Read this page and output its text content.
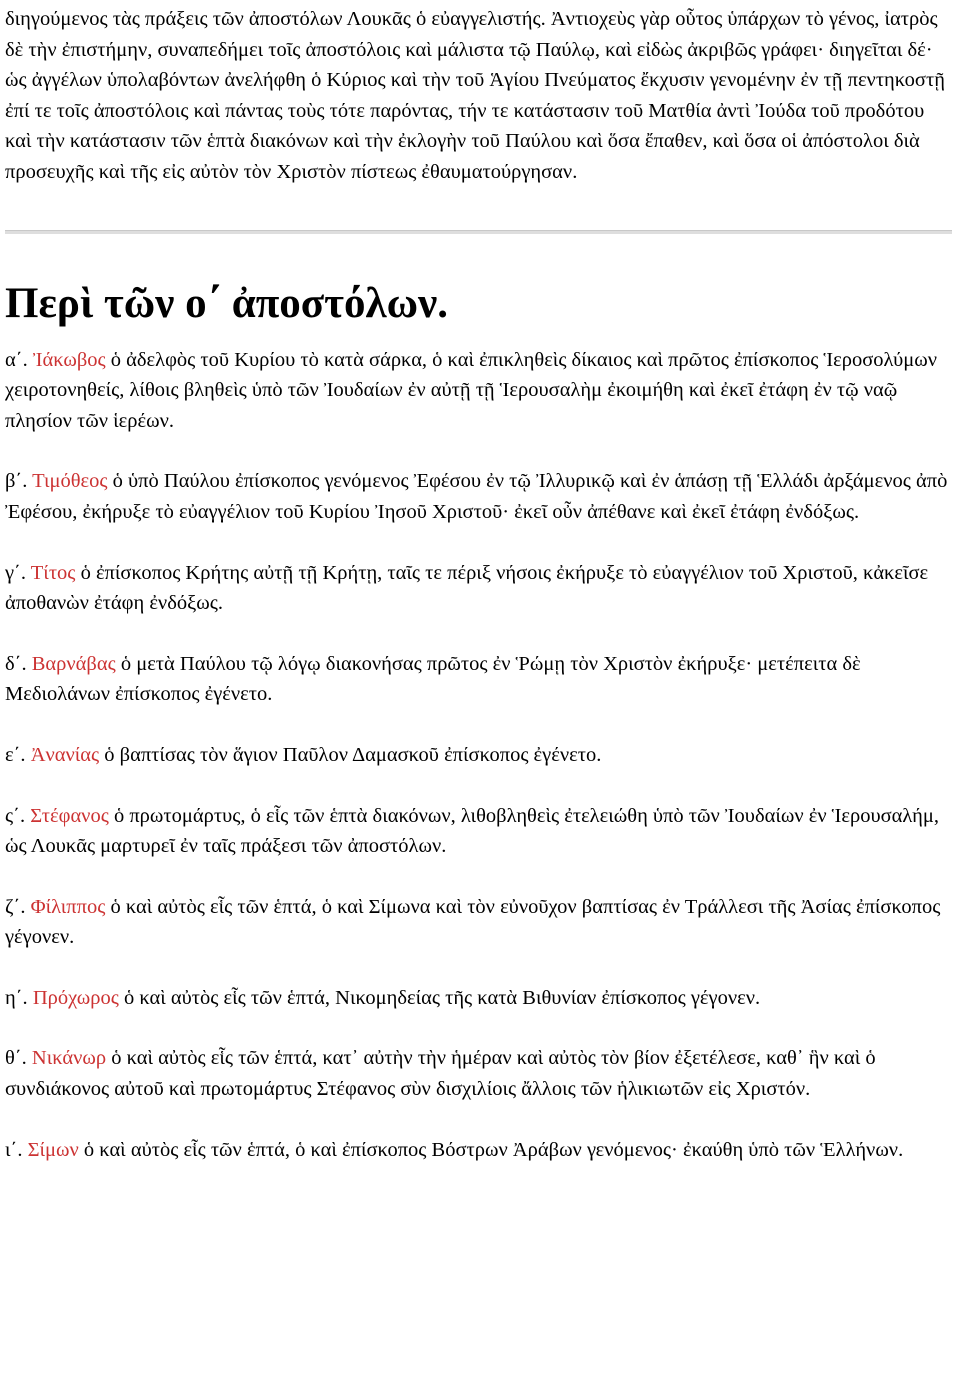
διηγούμενος τὰς πράξεις τῶν ἀποστόλων Λουκᾶς ὁ εὐαγγελιστής. Ἀντιοχεὺς γὰρ οὗτος ὑπάρχων τὸ γένος, ἰατρὸς δὲ τὴν ἐπιστήμην, συναπεδήμει τοῖς ἀποστόλοις καὶ μάλιστα τῷ Παύλῳ, καὶ εἰδὼς ἀκριβῶς γράφει· διηγεῖται δέ· ὡς ἀγγέλων ὑπολαβόντων ἀνελήφθη ὁ Κύριος καὶ τὴν τοῦ Ἁγίου Πνεύματος ἔκχυσιν γενομένην ἐν τῇ πεντηκοστῇ ἐπί τε τοῖς ἀποστόλοις καὶ πάντας τοὺς τότε παρόντας, τήν τε κατάστασιν τοῦ Ματθία ἀντὶ Ἰούδα τοῦ προδότου καὶ τὴν κατάστασιν τῶν ἑπτὰ διακόνων καὶ τὴν ἐκλογὴν τοῦ Παύλου καὶ ὅσα ἔπαθεν, καὶ ὅσα οἱ ἀπόστολοι διὰ προσευχῆς καὶ τῆς εἰς αὐτὸν τὸν Χριστὸν πίστεως ἐθαυματούργησαν.

Περὶ τῶν ο΄ ἀποστόλων.

α΄. Ἰάκωβος ὁ ἀδελφὸς τοῦ Κυρίου τὸ κατὰ σάρκα, ὁ καὶ ἐπικληθεὶς δίκαιος καὶ πρῶτος ἐπίσκοπος Ἱεροσολύμων χειροτονηθείς, λίθοις βληθεὶς ὑπὸ τῶν Ἰουδαίων ἐν αὐτῇ τῇ Ἱερουσαλὴμ ἐκοιμήθη καὶ ἐκεῖ ἐτάφη ἐν τῷ ναῷ πλησίον τῶν ἱερέων.

β΄. Τιμόθεος ὁ ὑπὸ Παύλου ἐπίσκοπος γενόμενος Ἐφέσου ἐν τῷ Ἰλλυρικῷ καὶ ἐν ἁπάσῃ τῇ Ἑλλάδι ἀρξάμενος ἀπὸ Ἐφέσου, ἐκήρυξε τὸ εὐαγγέλιον τοῦ Κυρίου Ἰησοῦ Χριστοῦ· ἐκεῖ οὖν ἀπέθανε καὶ ἐκεῖ ἐτάφη ἐνδόξως.

γ΄. Τίτος ὁ ἐπίσκοπος Κρήτης αὐτῇ τῇ Κρήτῃ, ταῖς τε πέριξ νήσοις ἐκήρυξε τὸ εὐαγγέλιον τοῦ Χριστοῦ, κἀκεῖσε ἀποθανὼν ἐτάφη ἐνδόξως.

δ΄. Βαρνάβας ὁ μετὰ Παύλου τῷ λόγῳ διακονήσας πρῶτος ἐν Ῥώμῃ τὸν Χριστὸν ἐκήρυξε· μετέπειτα δὲ Μεδιολάνων ἐπίσκοπος ἐγένετο.

ε΄. Ἀνανίας ὁ βαπτίσας τὸν ἅγιον Παῦλον Δαμασκοῦ ἐπίσκοπος ἐγένετο.

ς΄. Στέφανος ὁ πρωτομάρτυς, ὁ εἷς τῶν ἑπτὰ διακόνων, λιθοβληθεὶς ἐτελειώθη ὑπὸ τῶν Ἰουδαίων ἐν Ἱερουσαλήμ, ὡς Λουκᾶς μαρτυρεῖ ἐν ταῖς πράξεσι τῶν ἀποστόλων.

ζ΄. Φίλιππος ὁ καὶ αὐτὸς εἷς τῶν ἑπτά, ὁ καὶ Σίμωνα καὶ τὸν εὐνοῦχον βαπτίσας ἐν Τράλλεσι τῆς Ἀσίας ἐπίσκοπος γέγονεν.

η΄. Πρόχωρος ὁ καὶ αὐτὸς εἷς τῶν ἑπτά, Νικομηδείας τῆς κατὰ Βιθυνίαν ἐπίσκοπος γέγονεν.

θ΄. Νικάνωρ ὁ καὶ αὐτὸς εἷς τῶν ἑπτά, κατ᾽ αὐτὴν τὴν ἡμέραν καὶ αὐτὸς τὸν βίον ἐξετέλεσε, καθ᾽ ἣν καὶ ὁ συνδιάκονος αὐτοῦ καὶ πρωτομάρτυς Στέφανος σὺν δισχιλίοις ἄλλοις τῶν ἡλικιωτῶν εἰς Χριστόν.

ι΄. Σίμων ὁ καὶ αὐτὸς εἷς τῶν ἑπτά, ὁ καὶ ἐπίσκοπος Βόστρων Ἀράβων γενόμενος· ἐκαύθη ὑπὸ τῶν Ἑλλήνων.
